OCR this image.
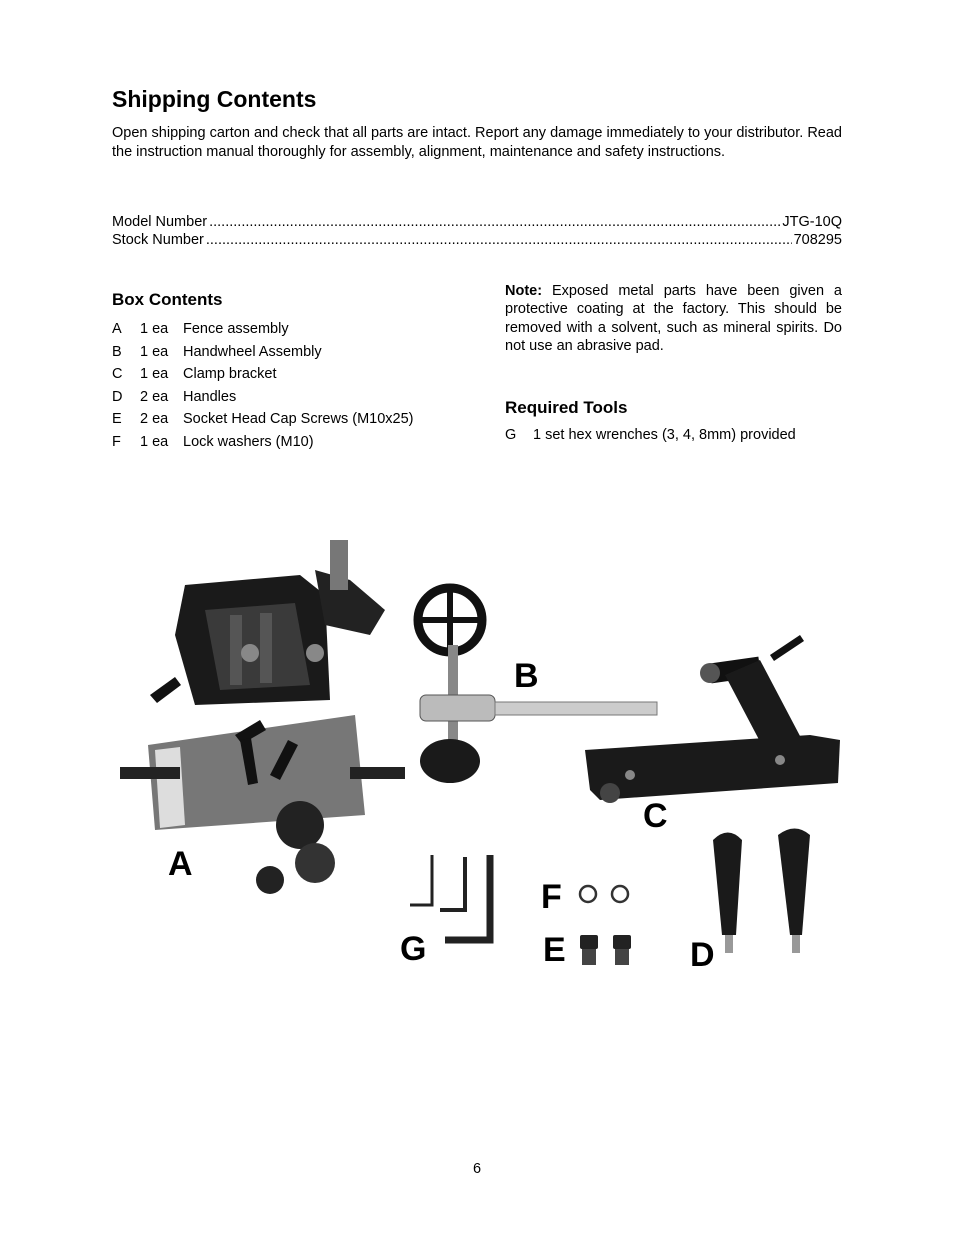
Shipping Contents

Open shipping carton and check that all parts are intact. Report any damage immediately to your distributor. Read the instruction manual thoroughly for assembly, alignment, maintenance and safety instructions.

Model Number .....	JTG-10Q
Stock Number .....	708295
Box Contents
A	1 ea	Fence assembly
B	1 ea	Handwheel Assembly
C	1 ea	Clamp bracket
D	2 ea	Handles
E	2 ea	Socket Head Cap Screws (M10x25)
F	1 ea	Lock washers (M10)

Note: Exposed metal parts have been given a protective coating at the factory. This should be removed with a solvent, such as mineral spirits. Do not use an abrasive pad.

Required Tools
G	1 set hex wrenches (3, 4, 8mm) provided
A
B
C
D
E
F
G
6
